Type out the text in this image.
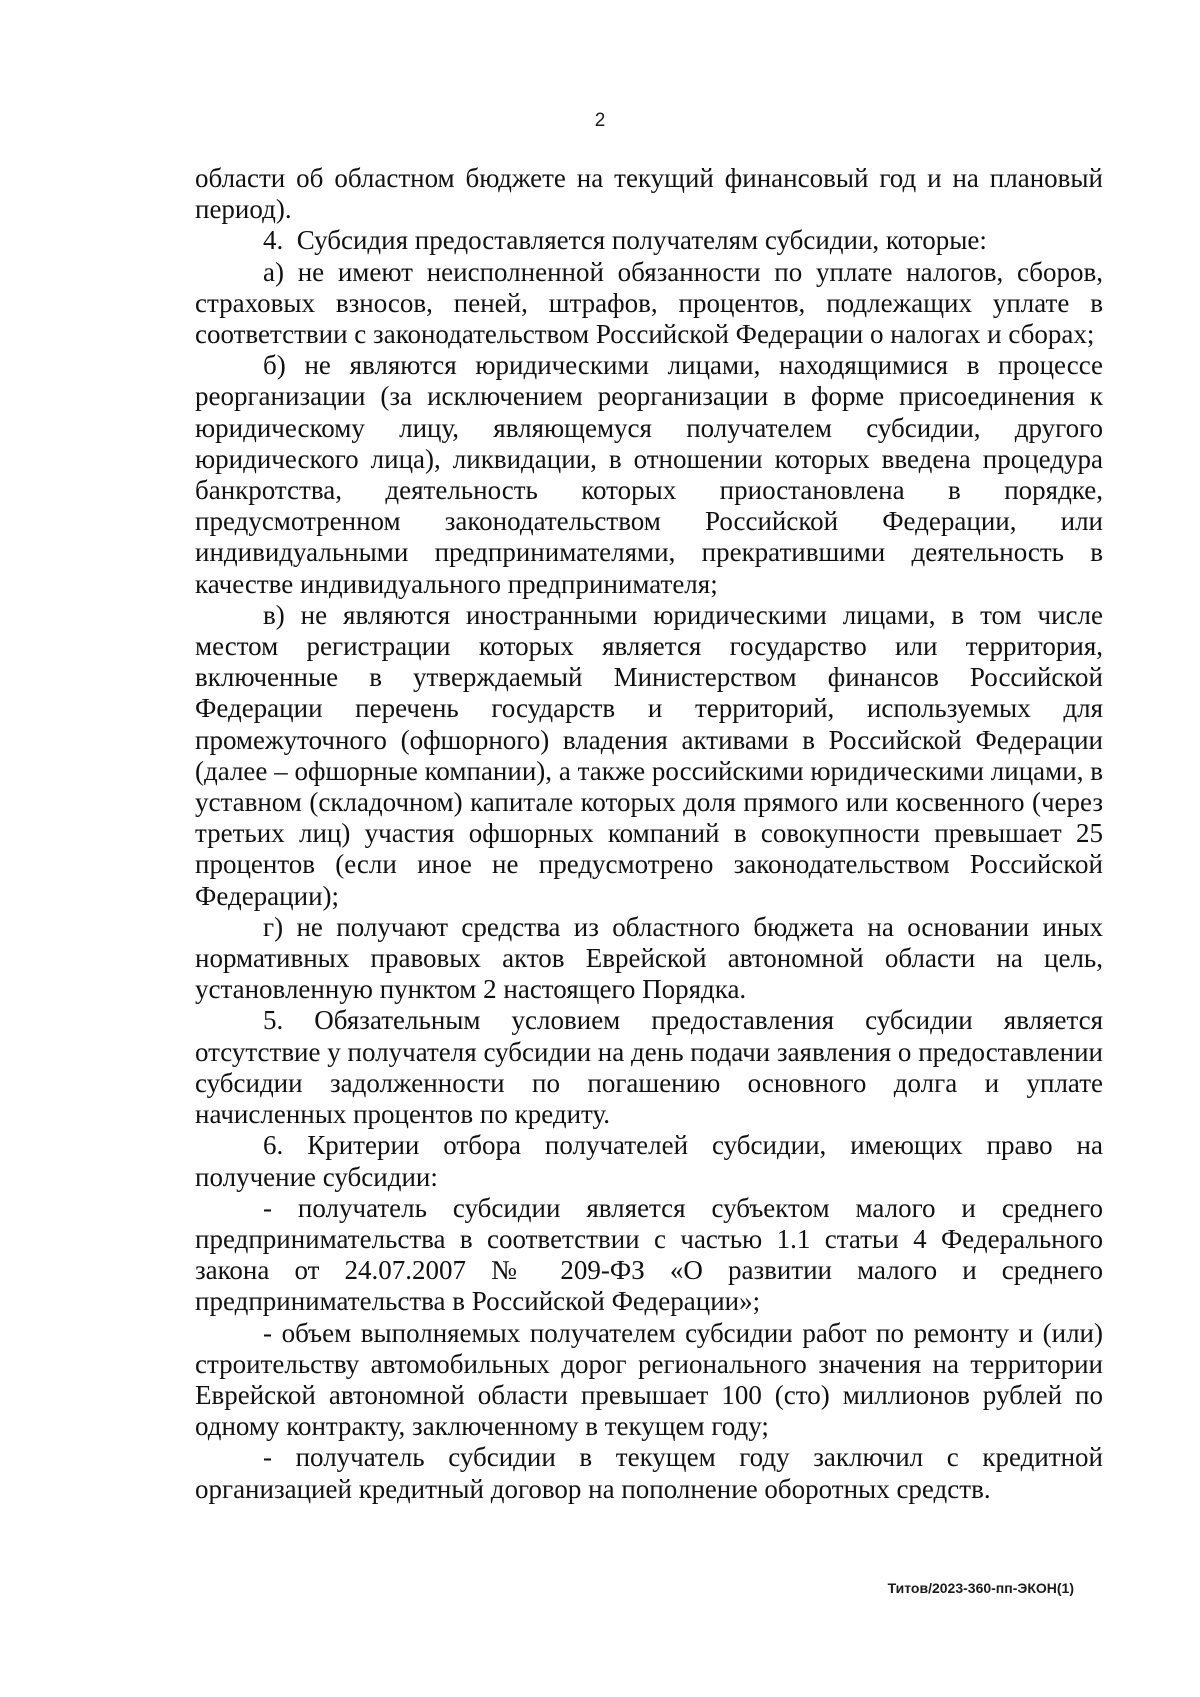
2

области об областном бюджете на текущий финансовый год и на плановый период).

4.  Субсидия предоставляется получателям субсидии, которые:

а) не имеют неисполненной обязанности по уплате налогов, сборов, страховых взносов, пеней, штрафов, процентов, подлежащих уплате в соответствии с законодательством Российской Федерации о налогах и сборах;

б) не являются юридическими лицами, находящимися в процессе реорганизации (за исключением реорганизации в форме присоединения к юридическому лицу, являющемуся получателем субсидии, другого юридического лица), ликвидации, в отношении которых введена процедура банкротства, деятельность которых приостановлена в порядке, предусмотренном законодательством Российской Федерации, или индивидуальными предпринимателями, прекратившими деятельность в качестве индивидуального предпринимателя;

в) не являются иностранными юридическими лицами, в том числе местом регистрации которых является государство или территория, включенные в утверждаемый Министерством финансов Российской Федерации перечень государств и территорий, используемых для промежуточного (офшорного) владения активами в Российской Федерации (далее – офшорные компании), а также российскими юридическими лицами, в уставном (складочном) капитале которых доля прямого или косвенного (через третьих лиц) участия офшорных компаний в совокупности превышает 25 процентов (если иное не предусмотрено законодательством Российской Федерации);

г) не получают средства из областного бюджета на основании иных нормативных правовых актов Еврейской автономной области на цель, установленную пунктом 2 настоящего Порядка.

5. Обязательным условием предоставления субсидии является отсутствие у получателя субсидии на день подачи заявления о предоставлении субсидии задолженности по погашению основного долга и уплате начисленных процентов по кредиту.

6. Критерии отбора получателей субсидии, имеющих право на получение субсидии:

- получатель субсидии является субъектом малого и среднего предпринимательства в соответствии с частью 1.1 статьи 4 Федерального закона от 24.07.2007 № 209-ФЗ «О развитии малого и среднего предпринимательства в Российской Федерации»;

- объем выполняемых получателем субсидии работ по ремонту и (или) строительству автомобильных дорог регионального значения на территории Еврейской автономной области превышает 100 (сто) миллионов рублей по одному контракту, заключенному в текущем году;

- получатель субсидии в текущем году заключил с кредитной организацией кредитный договор на пополнение оборотных средств.

Титов/2023-360-пп-ЭКОН(1)
